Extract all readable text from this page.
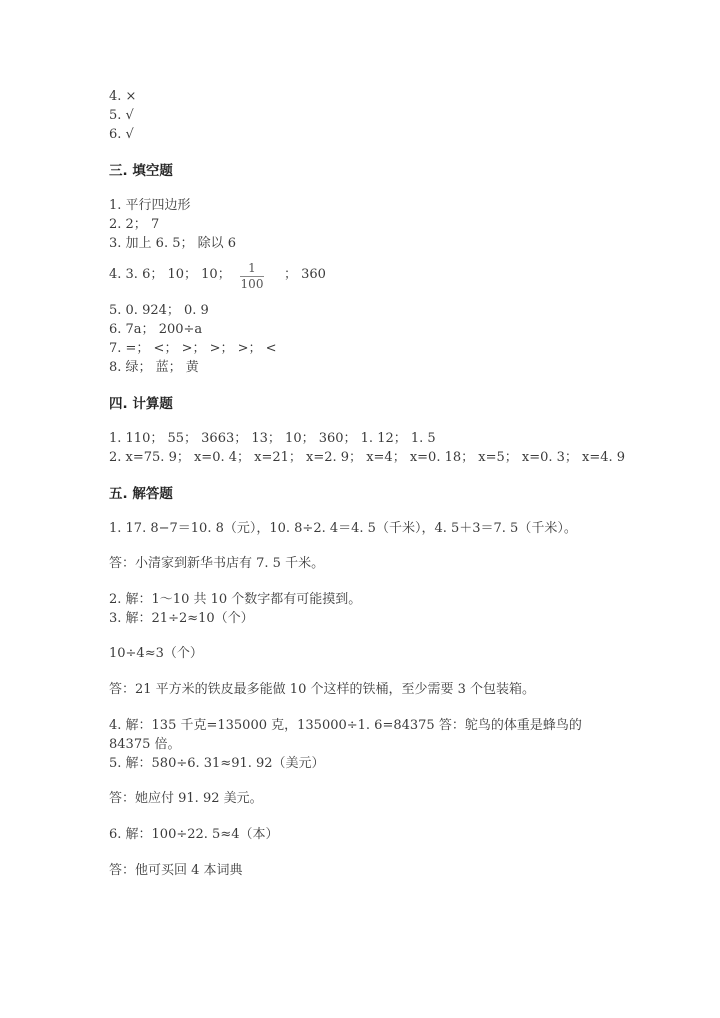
4. ×
5. √
6. √
三. 填空题
1. 平行四边形
2. 2； 7
3. 加上 6. 5； 除以 6
4. 3. 6； 10； 10；	1
100
； 360
5. 0. 924； 0. 9
6. 7a； 200÷a
7. =； <； >； >； >； <
8. 绿； 蓝； 黄
四. 计算题
1. 110； 55； 3663； 13； 10； 360； 1. 12； 1. 5
2. x=75. 9； x=0. 4； x=21； x=2. 9； x=4； x=0. 18； x=5； x=0. 3； x=4. 9
五. 解答题
1. 17. 8−7＝10. 8（元），10. 8÷2. 4＝4. 5（千米），4. 5＋3＝7. 5（千米）。
答：小清家到新华书店有 7. 5 千米。
2. 解：1～10 共 10 个数字都有可能摸到。
3. 解：21÷2≈10（个）
10÷4≈3（个）
答：21 平方米的铁皮最多能做 10 个这样的铁桶，至少需要 3 个包装箱。
4. 解：135 千克=135000 克，135000÷1. 6=84375 答：鸵鸟的体重是蜂鸟的
84375 倍。
5. 解：580÷6. 31≈91. 92（美元）
答：她应付 91. 92 美元。
6. 解：100÷22. 5≈4（本）
答：他可买回 4 本词典
